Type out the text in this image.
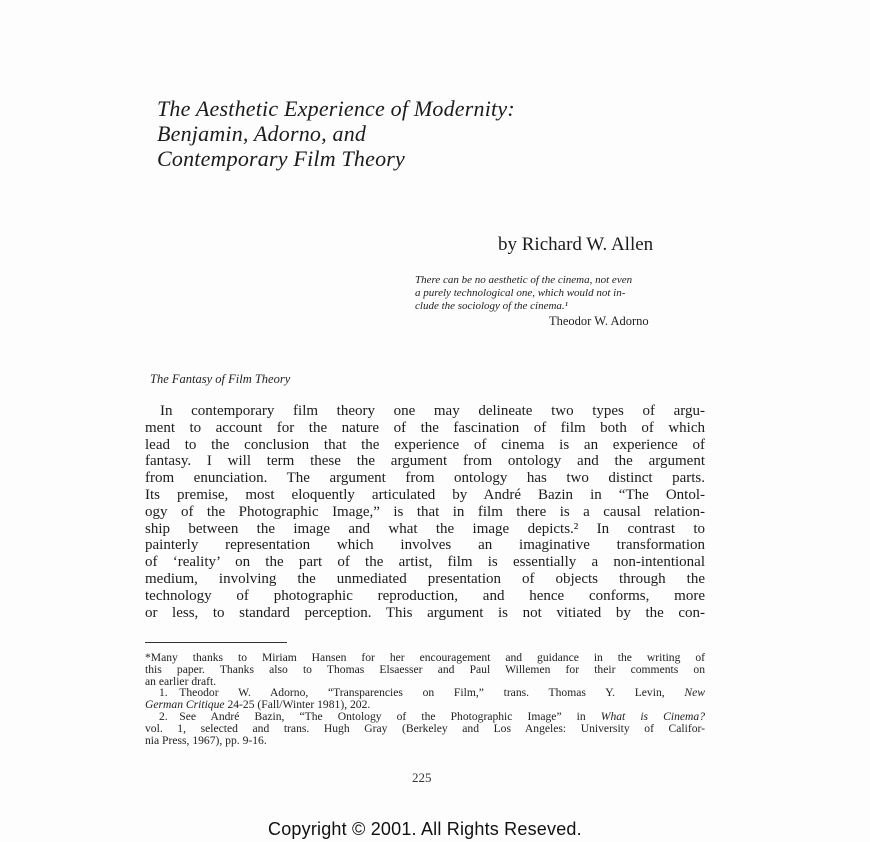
The Aesthetic Experience of Modernity:
Benjamin, Adorno, and
Contemporary Film Theory
by Richard W. Allen
There can be no aesthetic of the cinema, not even
a purely technological one, which would not in-
clude the sociology of the cinema.¹
Theodor W. Adorno
The Fantasy of Film Theory
In contemporary film theory one may delineate two types of argu-
ment to account for the nature of the fascination of film both of which
lead to the conclusion that the experience of cinema is an experience of
fantasy. I will term these the argument from ontology and the argument
from enunciation. The argument from ontology has two distinct parts.
Its premise, most eloquently articulated by André Bazin in “The Ontol-
ogy of the Photographic Image,” is that in film there is a causal relation-
ship between the image and what the image depicts.² In contrast to
painterly representation which involves an imaginative transformation
of ‘reality’ on the part of the artist, film is essentially a non-intentional
medium, involving the unmediated presentation of objects through the
technology of photographic reproduction, and hence conforms, more
or less, to standard perception. This argument is not vitiated by the con-
*Many thanks to Miriam Hansen for her encouragement and guidance in the writing of
this paper. Thanks also to Thomas Elsaesser and Paul Willemen for their comments on
an earlier draft.
1. Theodor W. Adorno, “Transparencies on Film,” trans. Thomas Y. Levin, New
German Critique 24-25 (Fall/Winter 1981), 202.
2. See André Bazin, “The Ontology of the Photographic Image” in What is Cinema?
vol. 1, selected and trans. Hugh Gray (Berkeley and Los Angeles: University of Califor-
nia Press, 1967), pp. 9-16.
225
Copyright © 2001. All Rights Reseved.
